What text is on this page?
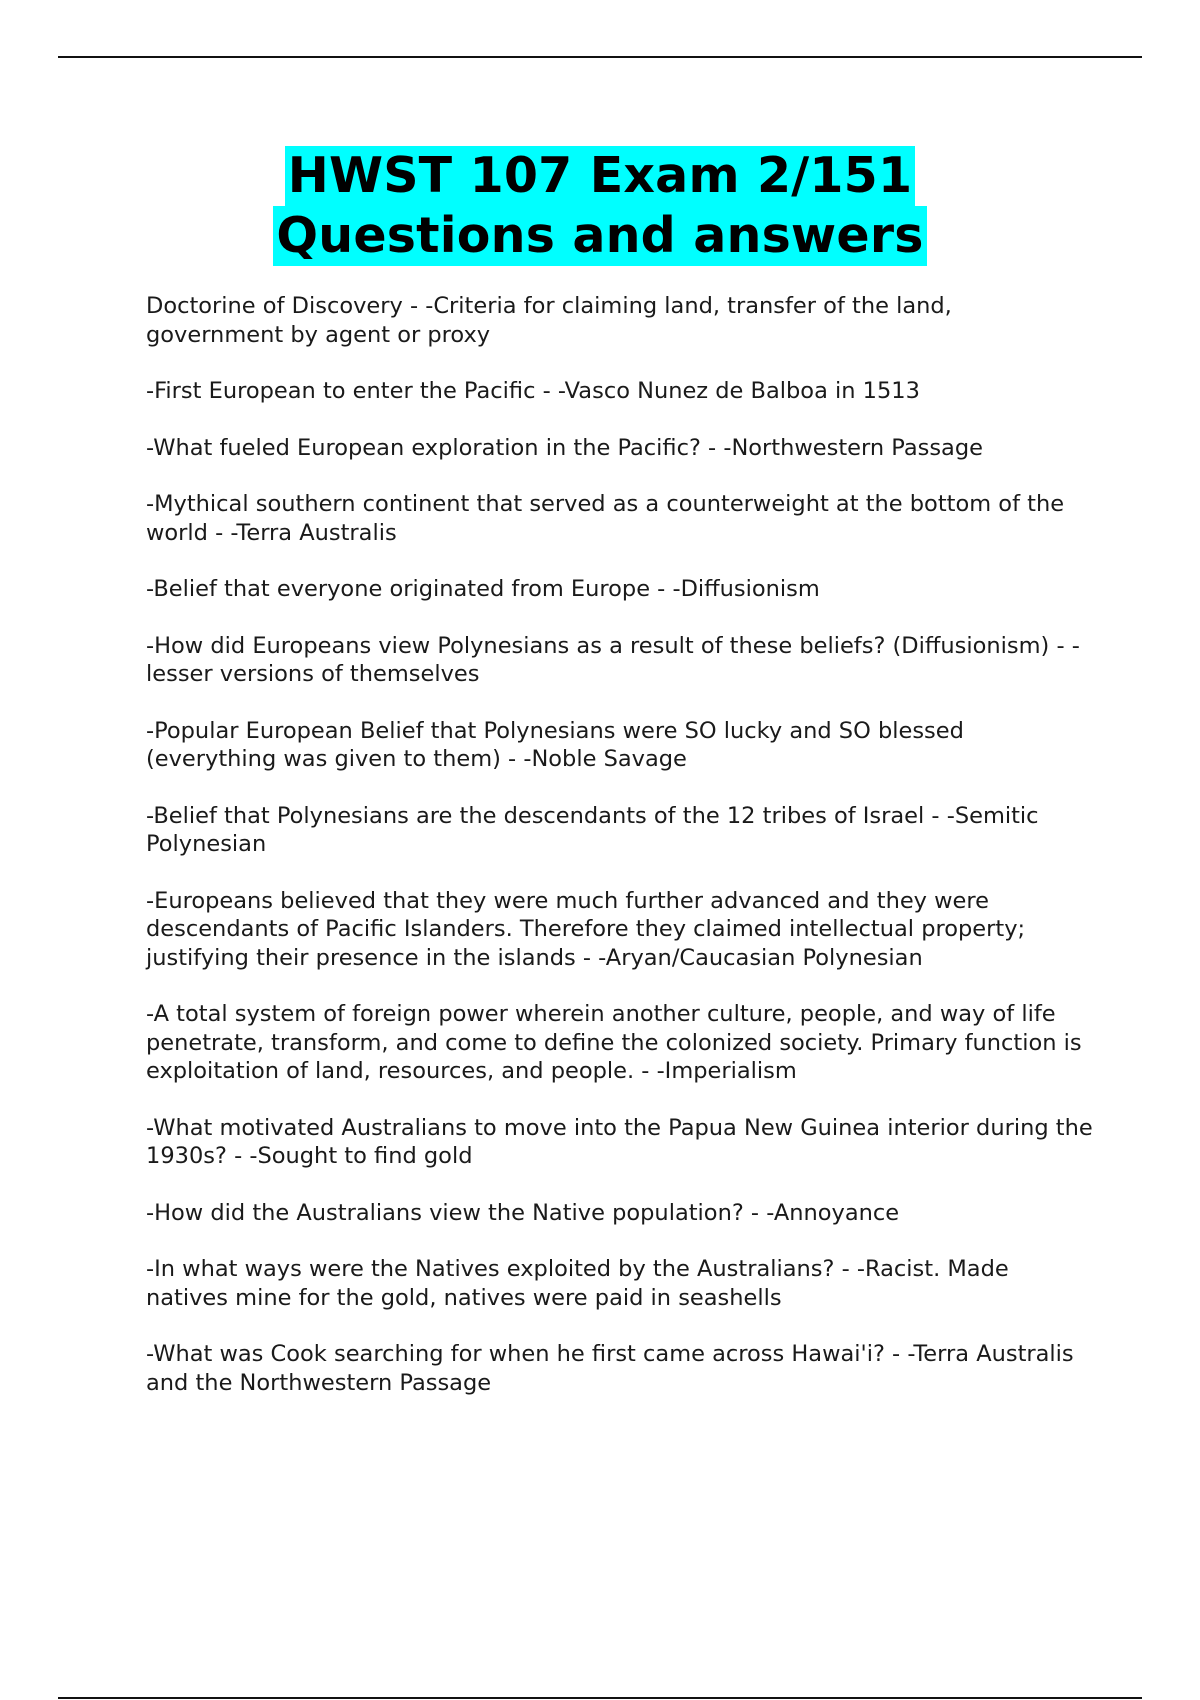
HWST 107 Exam 2/151
Questions and answers

Doctorine of Discovery - -Criteria for claiming land, transfer of the land, government by agent or proxy

-First European to enter the Pacific - -Vasco Nunez de Balboa in 1513

-What fueled European exploration in the Pacific? - -Northwestern Passage

-Mythical southern continent that served as a counterweight at the bottom of the world - -Terra Australis

-Belief that everyone originated from Europe - -Diffusionism

-How did Europeans view Polynesians as a result of these beliefs? (Diffusionism) - -lesser versions of themselves

-Popular European Belief that Polynesians were SO lucky and SO blessed (everything was given to them) - -Noble Savage

-Belief that Polynesians are the descendants of the 12 tribes of Israel - -Semitic Polynesian

-Europeans believed that they were much further advanced and they were descendants of Pacific Islanders. Therefore they claimed intellectual property; justifying their presence in the islands - -Aryan/Caucasian Polynesian

-A total system of foreign power wherein another culture, people, and way of life penetrate, transform, and come to define the colonized society. Primary function is exploitation of land, resources, and people. - -Imperialism

-What motivated Australians to move into the Papua New Guinea interior during the 1930s? - -Sought to find gold

-How did the Australians view the Native population? - -Annoyance

-In what ways were the Natives exploited by the Australians? - -Racist. Made natives mine for the gold, natives were paid in seashells

-What was Cook searching for when he first came across Hawai'i? - -Terra Australis and the Northwestern Passage
